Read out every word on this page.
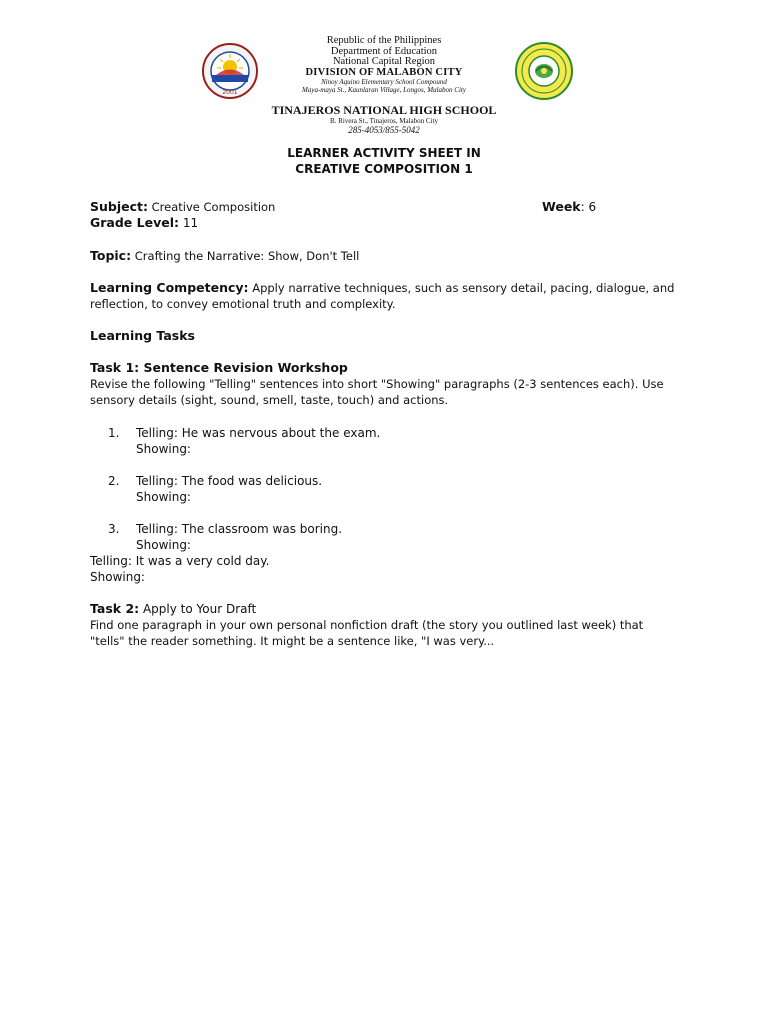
2001
Republic of the Philippines
Department of Education
National Capital Region
DIVISION OF MALABON CITY
Ninoy Aquino Elementary School Compound
Maya-maya St., Kaunlaran Village, Longos, Malabon City
TINAJEROS NATIONAL HIGH SCHOOL
B. Rivera St., Tinajeros, Malabon City
285-4053/855-5042
LEARNER ACTIVITY SHEET IN
CREATIVE COMPOSITION 1
Subject: Creative Composition	Week: 6
Grade Level: 11
Topic: Crafting the Narrative: Show, Don't Tell
Learning Competency: Apply narrative techniques, such as sensory detail, pacing, dialogue, and reflection, to convey emotional truth and complexity.
Learning Tasks
Task 1: Sentence Revision Workshop
Revise the following "Telling" sentences into short "Showing" paragraphs (2-3 sentences each). Use sensory details (sight, sound, smell, taste, touch) and actions.
1. Telling: He was nervous about the exam.
Showing:
2. Telling: The food was delicious.
Showing:
3. Telling: The classroom was boring.
Showing:
Telling: It was a very cold day.
Showing:
Task 2: Apply to Your Draft
Find one paragraph in your own personal nonfiction draft (the story you outlined last week) that "tells" the reader something. It might be a sentence like, "I was very...
